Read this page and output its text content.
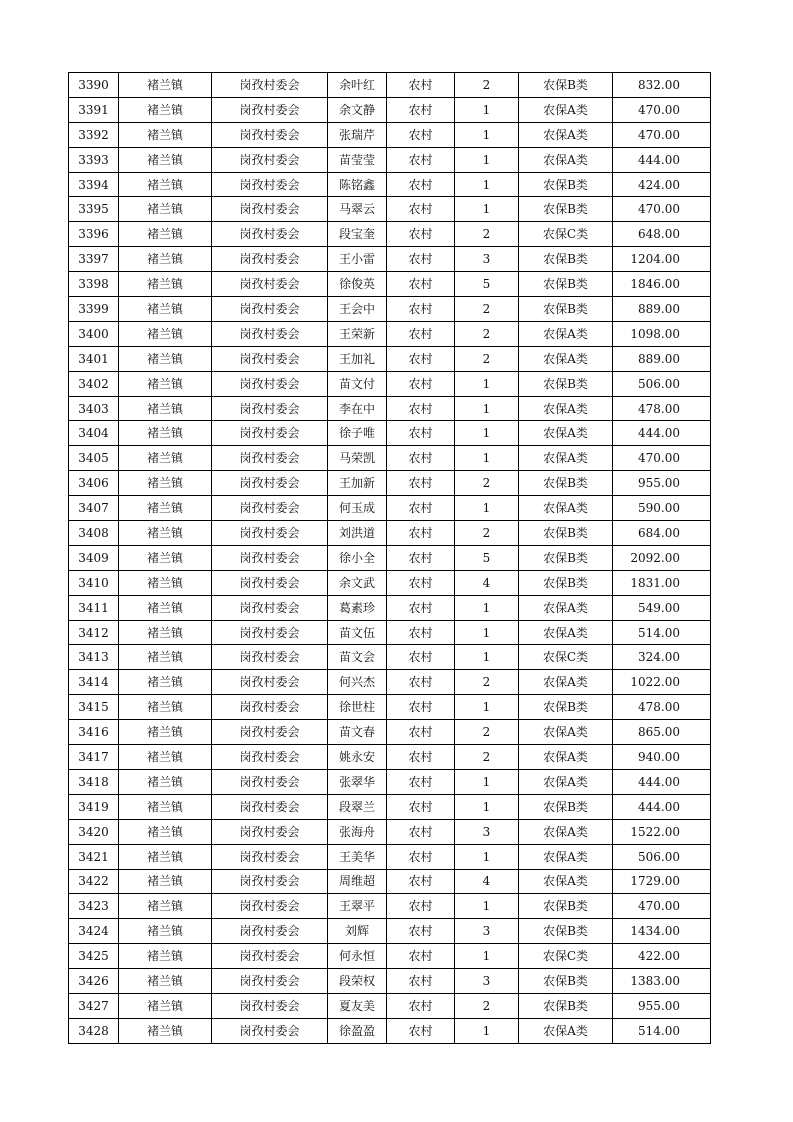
3390	褚兰镇	岗孜村委会	余叶红	农村	2	农保B类	832.00
3391	褚兰镇	岗孜村委会	余文静	农村	1	农保A类	470.00
3392	褚兰镇	岗孜村委会	张瑞芹	农村	1	农保A类	470.00
3393	褚兰镇	岗孜村委会	苗莹莹	农村	1	农保A类	444.00
3394	褚兰镇	岗孜村委会	陈铭鑫	农村	1	农保B类	424.00
3395	褚兰镇	岗孜村委会	马翠云	农村	1	农保B类	470.00
3396	褚兰镇	岗孜村委会	段宝奎	农村	2	农保C类	648.00
3397	褚兰镇	岗孜村委会	王小雷	农村	3	农保B类	1204.00
3398	褚兰镇	岗孜村委会	徐俊英	农村	5	农保B类	1846.00
3399	褚兰镇	岗孜村委会	王会中	农村	2	农保B类	889.00
3400	褚兰镇	岗孜村委会	王荣新	农村	2	农保A类	1098.00
3401	褚兰镇	岗孜村委会	王加礼	农村	2	农保A类	889.00
3402	褚兰镇	岗孜村委会	苗文付	农村	1	农保B类	506.00
3403	褚兰镇	岗孜村委会	李在中	农村	1	农保A类	478.00
3404	褚兰镇	岗孜村委会	徐子唯	农村	1	农保A类	444.00
3405	褚兰镇	岗孜村委会	马荣凯	农村	1	农保A类	470.00
3406	褚兰镇	岗孜村委会	王加新	农村	2	农保B类	955.00
3407	褚兰镇	岗孜村委会	何玉成	农村	1	农保A类	590.00
3408	褚兰镇	岗孜村委会	刘洪道	农村	2	农保B类	684.00
3409	褚兰镇	岗孜村委会	徐小全	农村	5	农保B类	2092.00
3410	褚兰镇	岗孜村委会	余文武	农村	4	农保B类	1831.00
3411	褚兰镇	岗孜村委会	葛素珍	农村	1	农保A类	549.00
3412	褚兰镇	岗孜村委会	苗文伍	农村	1	农保A类	514.00
3413	褚兰镇	岗孜村委会	苗文会	农村	1	农保C类	324.00
3414	褚兰镇	岗孜村委会	何兴杰	农村	2	农保A类	1022.00
3415	褚兰镇	岗孜村委会	徐世柱	农村	1	农保B类	478.00
3416	褚兰镇	岗孜村委会	苗文春	农村	2	农保A类	865.00
3417	褚兰镇	岗孜村委会	姚永安	农村	2	农保A类	940.00
3418	褚兰镇	岗孜村委会	张翠华	农村	1	农保A类	444.00
3419	褚兰镇	岗孜村委会	段翠兰	农村	1	农保B类	444.00
3420	褚兰镇	岗孜村委会	张海舟	农村	3	农保A类	1522.00
3421	褚兰镇	岗孜村委会	王美华	农村	1	农保A类	506.00
3422	褚兰镇	岗孜村委会	周维超	农村	4	农保A类	1729.00
3423	褚兰镇	岗孜村委会	王翠平	农村	1	农保B类	470.00
3424	褚兰镇	岗孜村委会	刘辉	农村	3	农保B类	1434.00
3425	褚兰镇	岗孜村委会	何永恒	农村	1	农保C类	422.00
3426	褚兰镇	岗孜村委会	段荣权	农村	3	农保B类	1383.00
3427	褚兰镇	岗孜村委会	夏友美	农村	2	农保B类	955.00
3428	褚兰镇	岗孜村委会	徐盈盈	农村	1	农保A类	514.00
